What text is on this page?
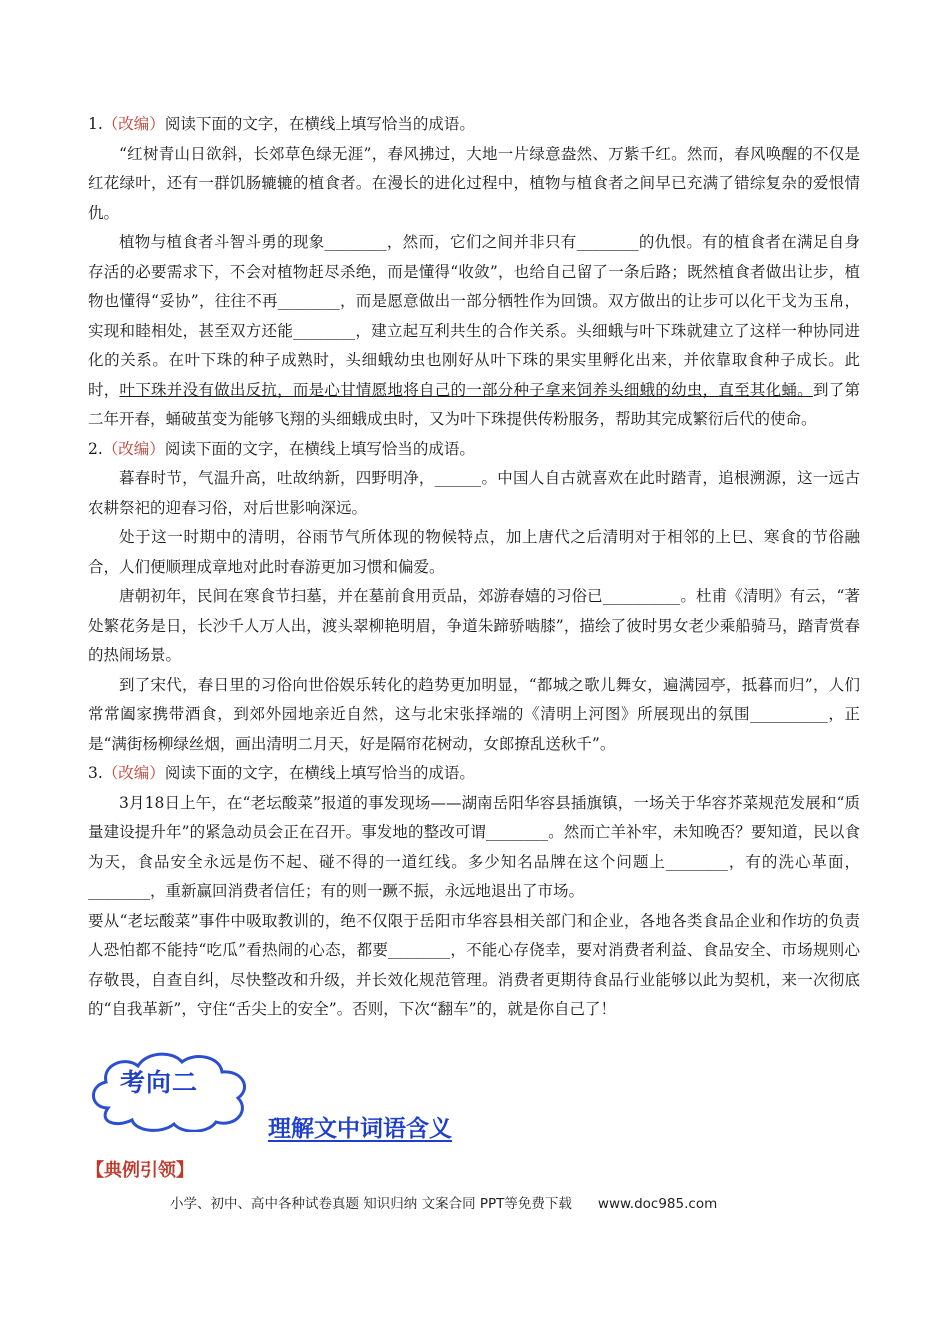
1.（改编）阅读下面的文字，在横线上填写恰当的成语。

“红树青山日欲斜，长郊草色绿无涯”，春风拂过，大地一片绿意盎然、万紫千红。然而，春风唤醒的不仅是红花绿叶，还有一群饥肠辘辘的植食者。在漫长的进化过程中，植物与植食者之间早已充满了错综复杂的爱恨情仇。

植物与植食者斗智斗勇的现象________，然而，它们之间并非只有________的仇恨。有的植食者在满足自身存活的必要需求下，不会对植物赶尽杀绝，而是懂得“收敛”，也给自己留了一条后路；既然植食者做出让步，植物也懂得“妥协”，往往不再________，而是愿意做出一部分牺牲作为回馈。双方做出的让步可以化干戈为玉帛，实现和睦相处，甚至双方还能________，建立起互利共生的合作关系。头细蛾与叶下珠就建立了这样一种协同进化的关系。在叶下珠的种子成熟时，头细蛾幼虫也刚好从叶下珠的果实里孵化出来，并依靠取食种子成长。此时，叶下珠并没有做出反抗，而是心甘情愿地将自己的一部分种子拿来饲养头细蛾的幼虫，直至其化蛹。到了第二年开春，蛹破茧变为能够飞翔的头细蛾成虫时，又为叶下珠提供传粉服务，帮助其完成繁衍后代的使命。

2.（改编）阅读下面的文字，在横线上填写恰当的成语。

暮春时节，气温升高，吐故纳新，四野明净，______。中国人自古就喜欢在此时踏青，追根溯源，这一远古农耕祭祀的迎春习俗，对后世影响深远。

处于这一时期中的清明，谷雨节气所体现的物候特点，加上唐代之后清明对于相邻的上巳、寒食的节俗融合，人们便顺理成章地对此时春游更加习惯和偏爱。

唐朝初年，民间在寒食节扫墓，并在墓前食用贡品，郊游春嬉的习俗已__________。杜甫《清明》有云，“著处繁花务是日，长沙千人万人出，渡头翠柳艳明眉，争道朱蹄骄啮膝”，描绘了彼时男女老少乘船骑马，踏青赏春的热闹场景。

到了宋代，春日里的习俗向世俗娱乐转化的趋势更加明显，“都城之歌儿舞女，遍满园亭，抵暮而归”，人们常常阖家携带酒食，到郊外园地亲近自然，这与北宋张择端的《清明上河图》所展现出的氛围__________，正是“满街杨柳绿丝烟，画出清明二月天，好是隔帘花树动，女郎撩乱送秋千”。

3.（改编）阅读下面的文字，在横线上填写恰当的成语。

3月18日上午，在“老坛酸菜”报道的事发现场——湖南岳阳华容县插旗镇，一场关于华容芥菜规范发展和“质量建设提升年”的紧急动员会正在召开。事发地的整改可谓________。然而亡羊补牢，未知晚否？要知道，民以食为天，食品安全永远是伤不起、碰不得的一道红线。多少知名品牌在这个问题上________，有的洗心革面，________，重新赢回消费者信任；有的则一蹶不振，永远地退出了市场。

要从“老坛酸菜”事件中吸取教训的，绝不仅限于岳阳市华容县相关部门和企业，各地各类食品企业和作坊的负责人恐怕都不能持“吃瓜”看热闹的心态，都要________，不能心存侥幸，要对消费者利益、食品安全、市场规则心存敬畏，自查自纠，尽快整改和升级，并长效化规范管理。消费者更期待食品行业能够以此为契机，来一次彻底的“自我革新”，守住“舌尖上的安全”。否则，下次“翻车”的，就是你自己了！

考向二
理解文中词语含义
【典例引领】
小学、初中、高中各种试卷真题 知识归纳 文案合同 PPT等免费下载 www.doc985.com
